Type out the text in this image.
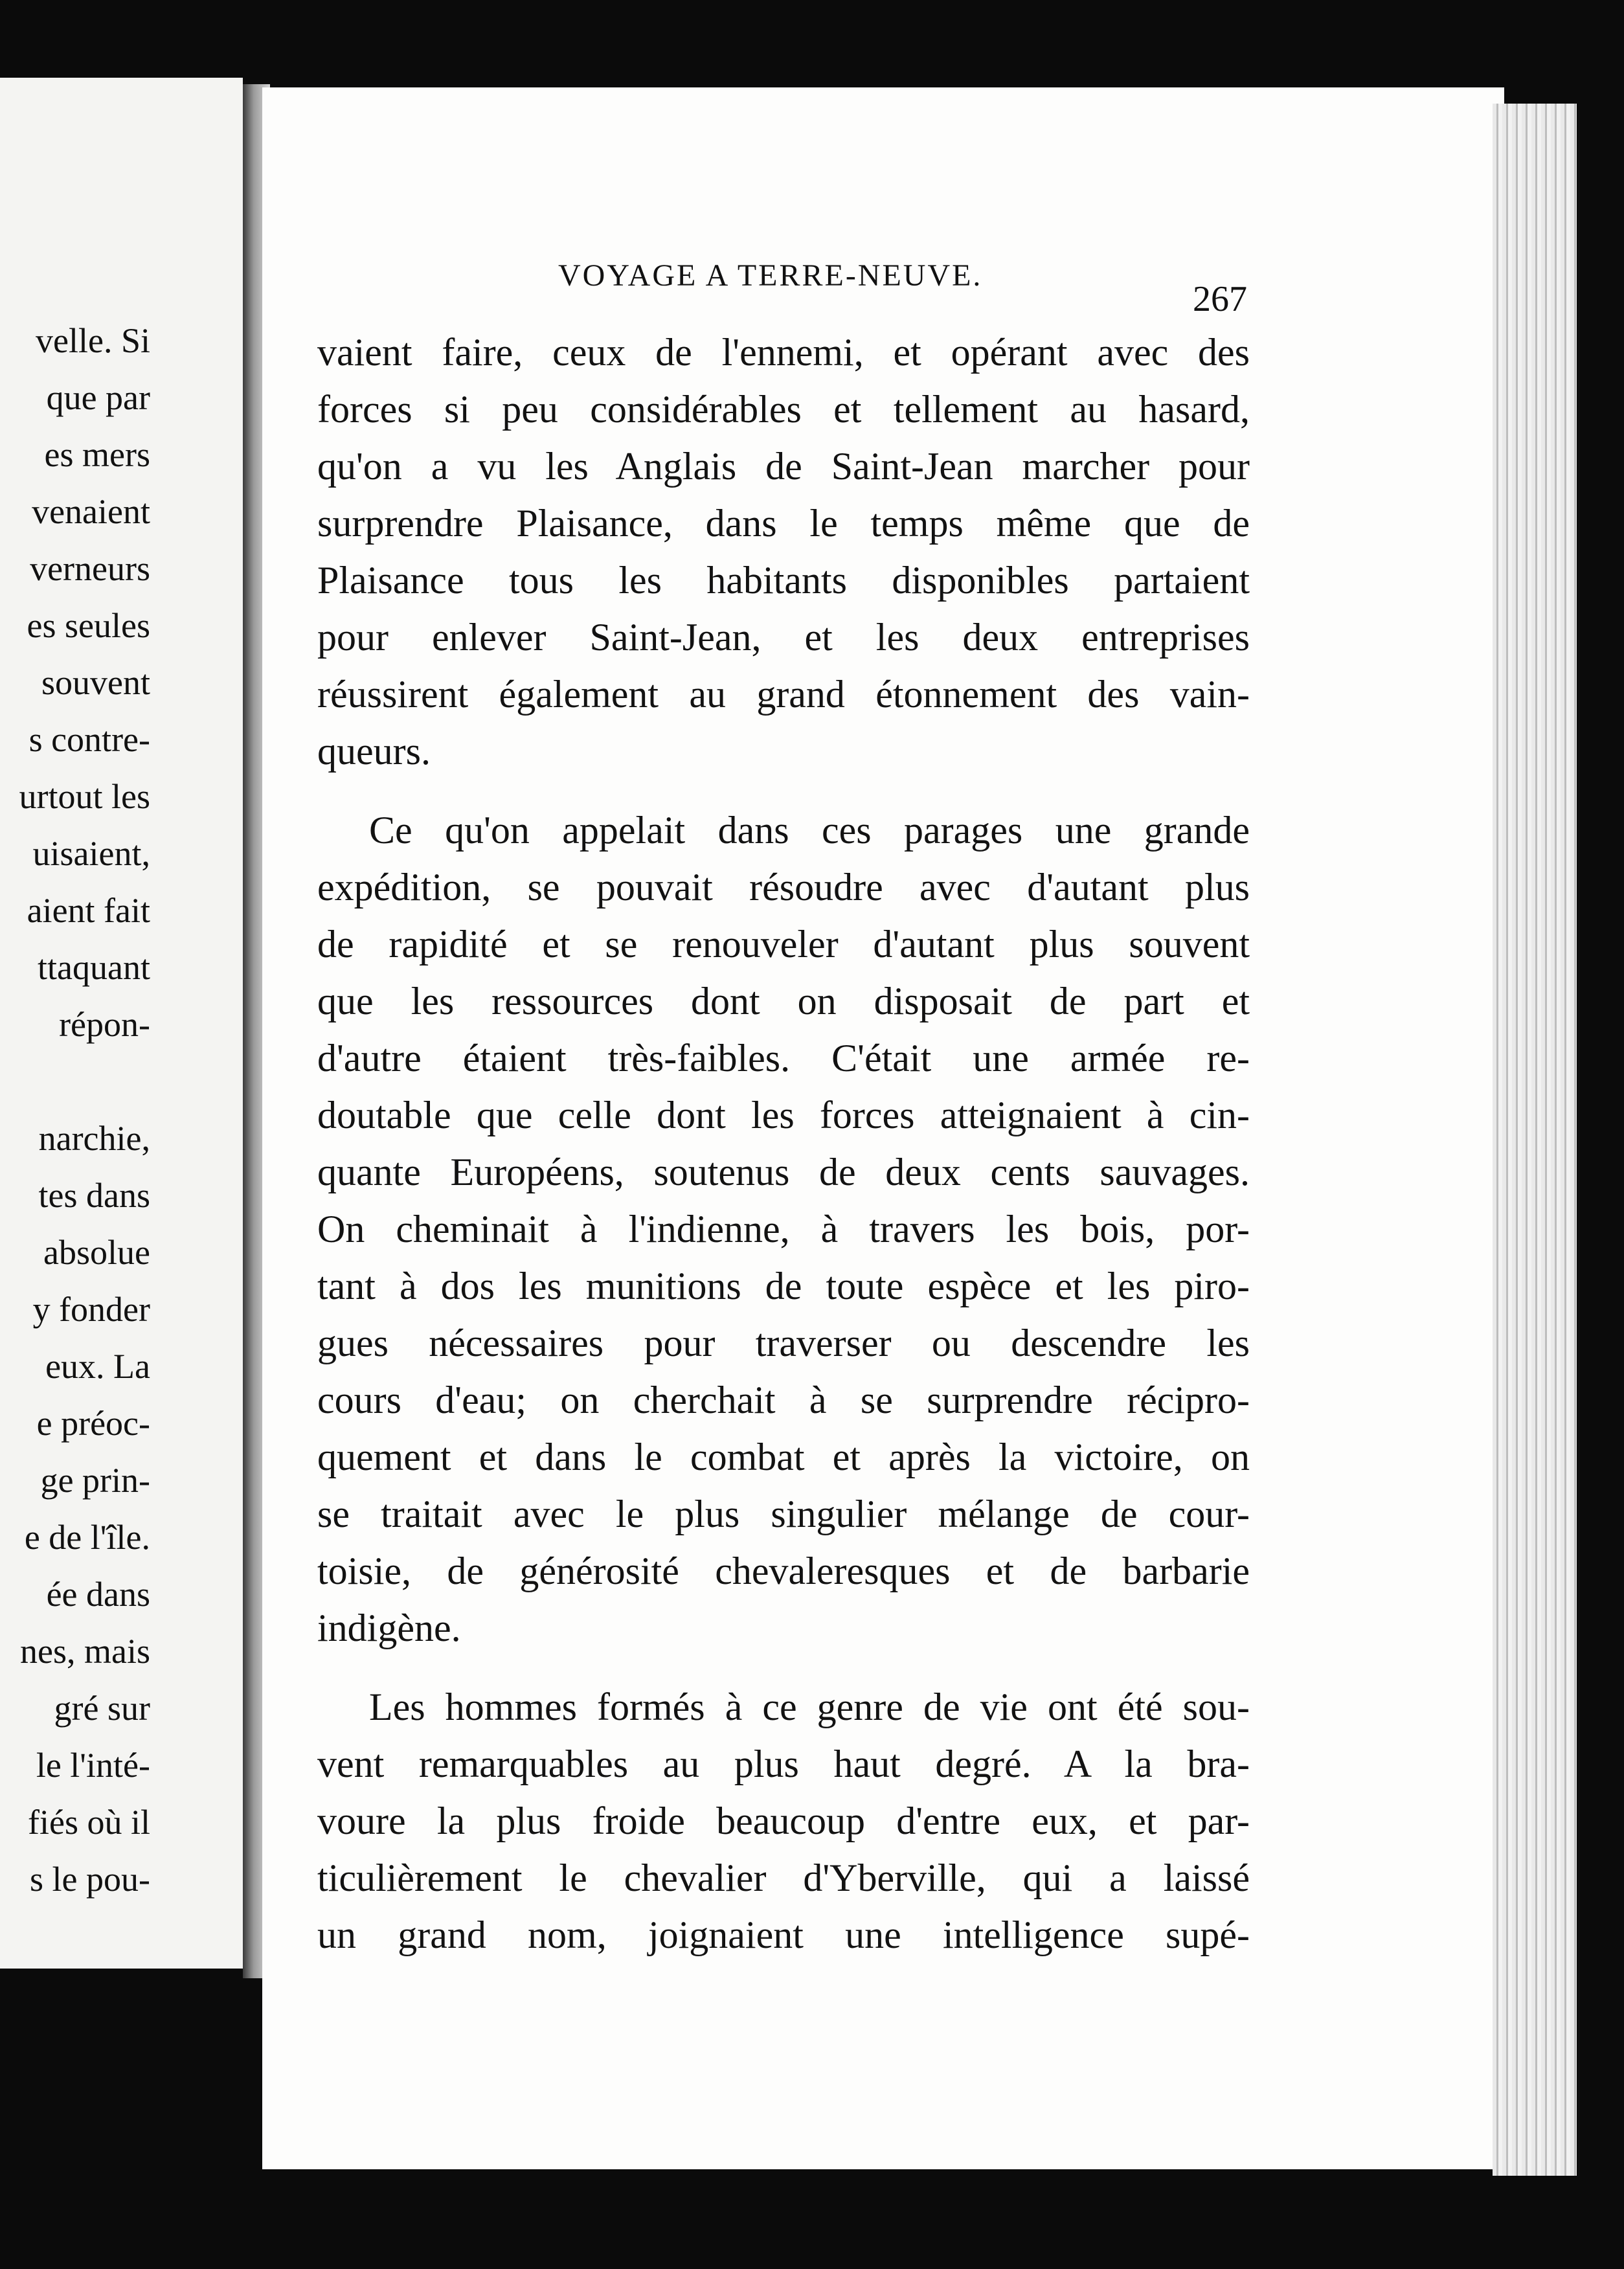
velle. Si
que par
es mers
venaient
verneurs
es seules
souvent
s contre-
urtout les
uisaient,
aient fait
ttaquant
répon-
narchie,
tes dans
absolue
y fonder
eux. La
e préoc-
ge prin-
e de l'île.
ée dans
nes, mais
gré sur
le l'inté-
fiés où il
s le pou-
VOYAGE A TERRE-NEUVE.
267
vaient faire, ceux de l'ennemi, et opérant avec des
forces si peu considérables et tellement au hasard,
qu'on a vu les Anglais de Saint-Jean marcher pour
surprendre Plaisance, dans le temps même que de
Plaisance tous les habitants disponibles partaient
pour enlever Saint-Jean, et les deux entreprises
réussirent également au grand étonnement des vain-
queurs.
Ce qu'on appelait dans ces parages une grande
expédition, se pouvait résoudre avec d'autant plus
de rapidité et se renouveler d'autant plus souvent
que les ressources dont on disposait de part et
d'autre étaient très-faibles. C'était une armée re-
doutable que celle dont les forces atteignaient à cin-
quante Européens, soutenus de deux cents sauvages.
On cheminait à l'indienne, à travers les bois, por-
tant à dos les munitions de toute espèce et les piro-
gues nécessaires pour traverser ou descendre les
cours d'eau; on cherchait à se surprendre récipro-
quement et dans le combat et après la victoire, on
se traitait avec le plus singulier mélange de cour-
toisie, de générosité chevaleresques et de barbarie
indigène.
Les hommes formés à ce genre de vie ont été sou-
vent remarquables au plus haut degré. A la bra-
voure la plus froide beaucoup d'entre eux, et par-
ticulièrement le chevalier d'Yberville, qui a laissé
un grand nom, joignaient une intelligence supé-
